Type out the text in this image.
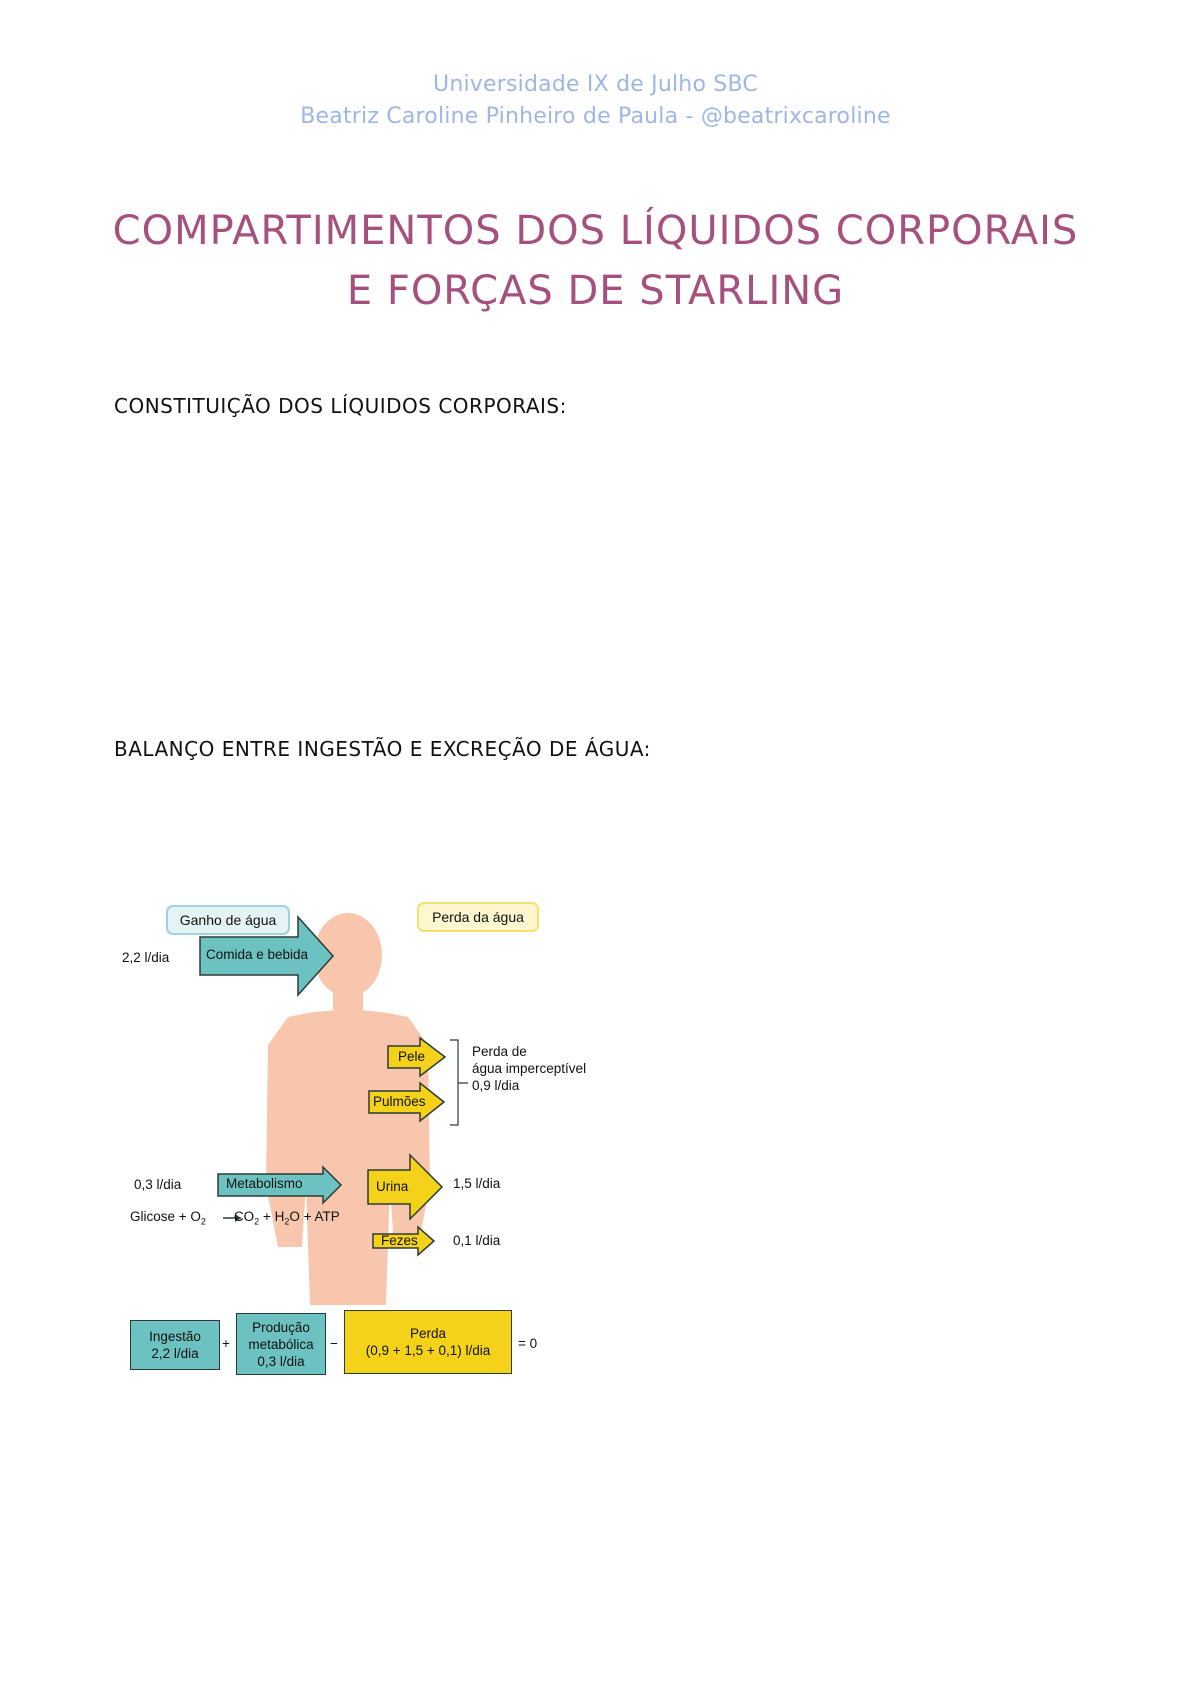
Universidade IX de Julho SBC
Beatriz Caroline Pinheiro de Paula - @beatrixcaroline
COMPARTIMENTOS DOS LÍQUIDOS CORPORAIS
E FORÇAS DE STARLING
CONSTITUIÇÃO DOS LÍQUIDOS CORPORAIS:
BALANÇO ENTRE INGESTÃO E EXCREÇÃO DE ÁGUA:
Ganho de água	Perda da água
2,2 l/dia	Comida e bebida
Pele
Pulmões
Perda de
água imperceptível
0,9 l/dia
0,3 l/dia	Metabolismo
$Glicose + O_2$ $CO_2 + H_2O$ + ATP
Urina	1,5 l/dia
Fezes	0,1 l/dia
Ingestão
2,2 l/dia
+
Produção
metabólica
0,3 l/dia
−
Perda
(0,9 + 1,5 + 0,1) l/dia	= 0
